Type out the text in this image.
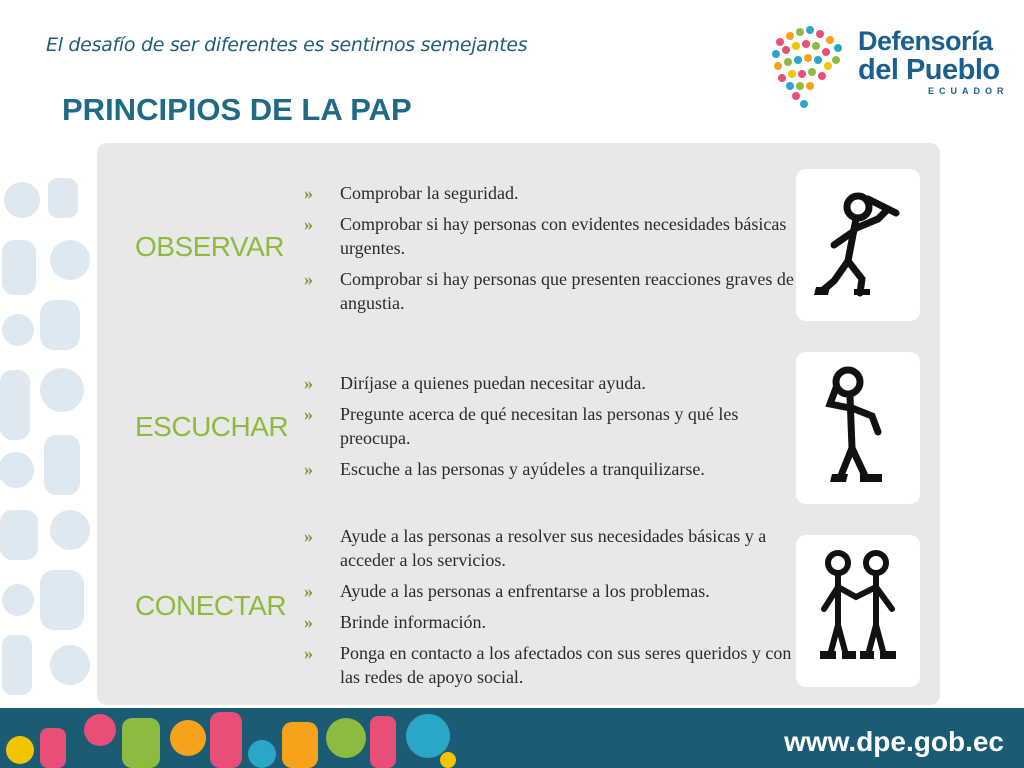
El desafío de ser diferentes es sentirnos semejantes
PRINCIPIOS DE LA PAP
Defensoría
del Pueblo
ECUADOR
OBSERVAR
» Comprobar la seguridad.
» Comprobar si hay personas con evidentes necesidades básicas urgentes.
» Comprobar si hay personas que presenten reacciones graves de angustia.
ESCUCHAR
» Diríjase a quienes puedan necesitar ayuda.
» Pregunte acerca de qué necesitan las personas y qué les preocupa.
» Escuche a las personas y ayúdeles a tranquilizarse.
CONECTAR
» Ayude a las personas a resolver sus necesidades básicas y a acceder a los servicios.
» Ayude a las personas a enfrentarse a los problemas.
» Brinde información.
» Ponga en contacto a los afectados con sus seres queridos y con las redes de apoyo social.
www.dpe.gob.ec
